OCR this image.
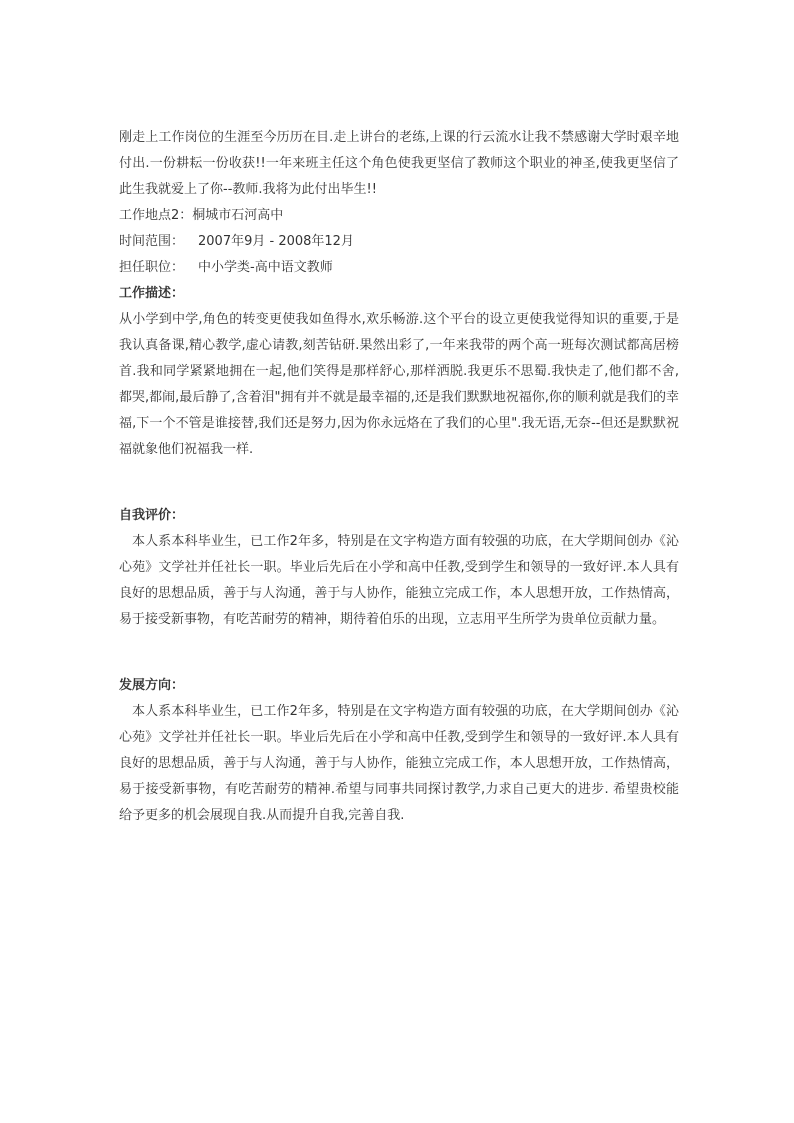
刚走上工作岗位的生涯至今历历在目.走上讲台的老练,上课的行云流水让我不禁感谢大学时艰辛地付出.一份耕耘一份收获!!一年来班主任这个角色使我更坚信了教师这个职业的神圣,使我更坚信了此生我就爱上了你--教师.我将为此付出毕生!!

工作地点2：桐城市石河高中

时间范围： 2007年9月 - 2008年12月

担任职位： 中小学类-高中语文教师

工作描述：

从小学到中学,角色的转变更使我如鱼得水,欢乐畅游.这个平台的设立更使我觉得知识的重要,于是我认真备课,精心教学,虚心请教,刻苦钻研.果然出彩了,一年来我带的两个高一班每次测试都高居榜首.我和同学紧紧地拥在一起,他们笑得是那样舒心,那样洒脱.我更乐不思蜀.我快走了,他们都不舍,都哭,都闹,最后静了,含着泪"拥有并不就是最幸福的,还是我们默默地祝福你,你的顺利就是我们的幸福,下一个不管是谁接替,我们还是努力,因为你永远烙在了我们的心里".我无语,无奈--但还是默默祝福就象他们祝福我一样.

自我评价：

本人系本科毕业生，已工作2年多，特别是在文字构造方面有较强的功底，在大学期间创办《沁心苑》文学社并任社长一职。毕业后先后在小学和高中任教,受到学生和领导的一致好评.本人具有良好的思想品质，善于与人沟通，善于与人协作，能独立完成工作，本人思想开放，工作热情高，易于接受新事物，有吃苦耐劳的精神，期待着伯乐的出现，立志用平生所学为贵单位贡献力量。

发展方向：

本人系本科毕业生，已工作2年多，特别是在文字构造方面有较强的功底，在大学期间创办《沁心苑》文学社并任社长一职。毕业后先后在小学和高中任教,受到学生和领导的一致好评.本人具有良好的思想品质，善于与人沟通，善于与人协作，能独立完成工作，本人思想开放，工作热情高，易于接受新事物，有吃苦耐劳的精神.希望与同事共同探讨教学,力求自己更大的进步. 希望贵校能给予更多的机会展现自我.从而提升自我,完善自我.
